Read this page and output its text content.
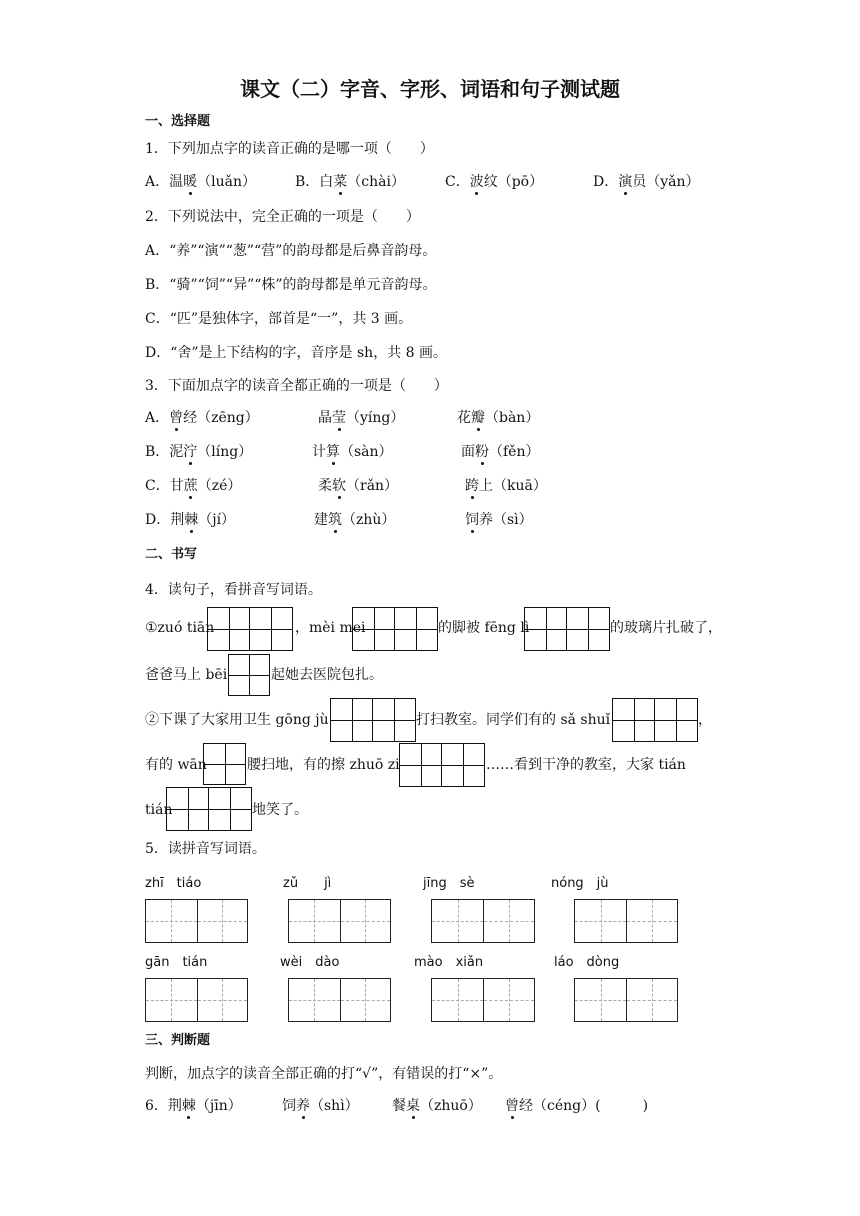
课文（二）字音、字形、词语和句子测试题
一、选择题
1．下列加点字的读音正确的是哪一项（　　）
A．温暖（luǎn）	B．白菜（chài）	C．波纹（pō）	D．演员（yǎn）
2．下列说法中，完全正确的一项是（　　）
A．“养”“演”“葱”“营”的韵母都是后鼻音韵母。
B．“骑”“饲”“异”“株”的韵母都是单元音韵母。
C．“匹”是独体字，部首是“一”，共 3 画。
D．“舍”是上下结构的字，音序是 sh，共 8 画。
3．下面加点字的读音全都正确的一项是（　　）
A．曾经（zēng）	晶莹（yíng）	花瓣（bàn）
B．泥泞（líng）	计算（sàn）	面粉（fěn）
C．甘蔗（zé）	柔软（rǎn）	跨上（kuā）
D．荆棘（jí）	建筑（zhù）	饲养（sì）
二、书写
4．读句子，看拼音写词语。
①zuó tiān	，mèi mei	的脚被 fēng lì	的玻璃片扎破了，
爸爸马上 bēi	起她去医院包扎。
②下课了大家用卫生 gōng jù	打扫教室。同学们有的 sǎ shuǐ	，
有的 wān	腰扫地，有的擦 zhuō zi	……看到干净的教室，大家 tián
tián	地笑了。
5．读拼音写词语。
zhī　tiáo	zǔ　　jì	jīng　sè	nóng　jù
gān　tián	wèi　dào	mào　xiǎn	láo　dòng
三、判断题
判断，加点字的读音全部正确的打“√”，有错误的打“×”。
6．荆棘（jīn）	饲养（shì） 餐桌（zhuō） 曾经（céng）(　　　)
